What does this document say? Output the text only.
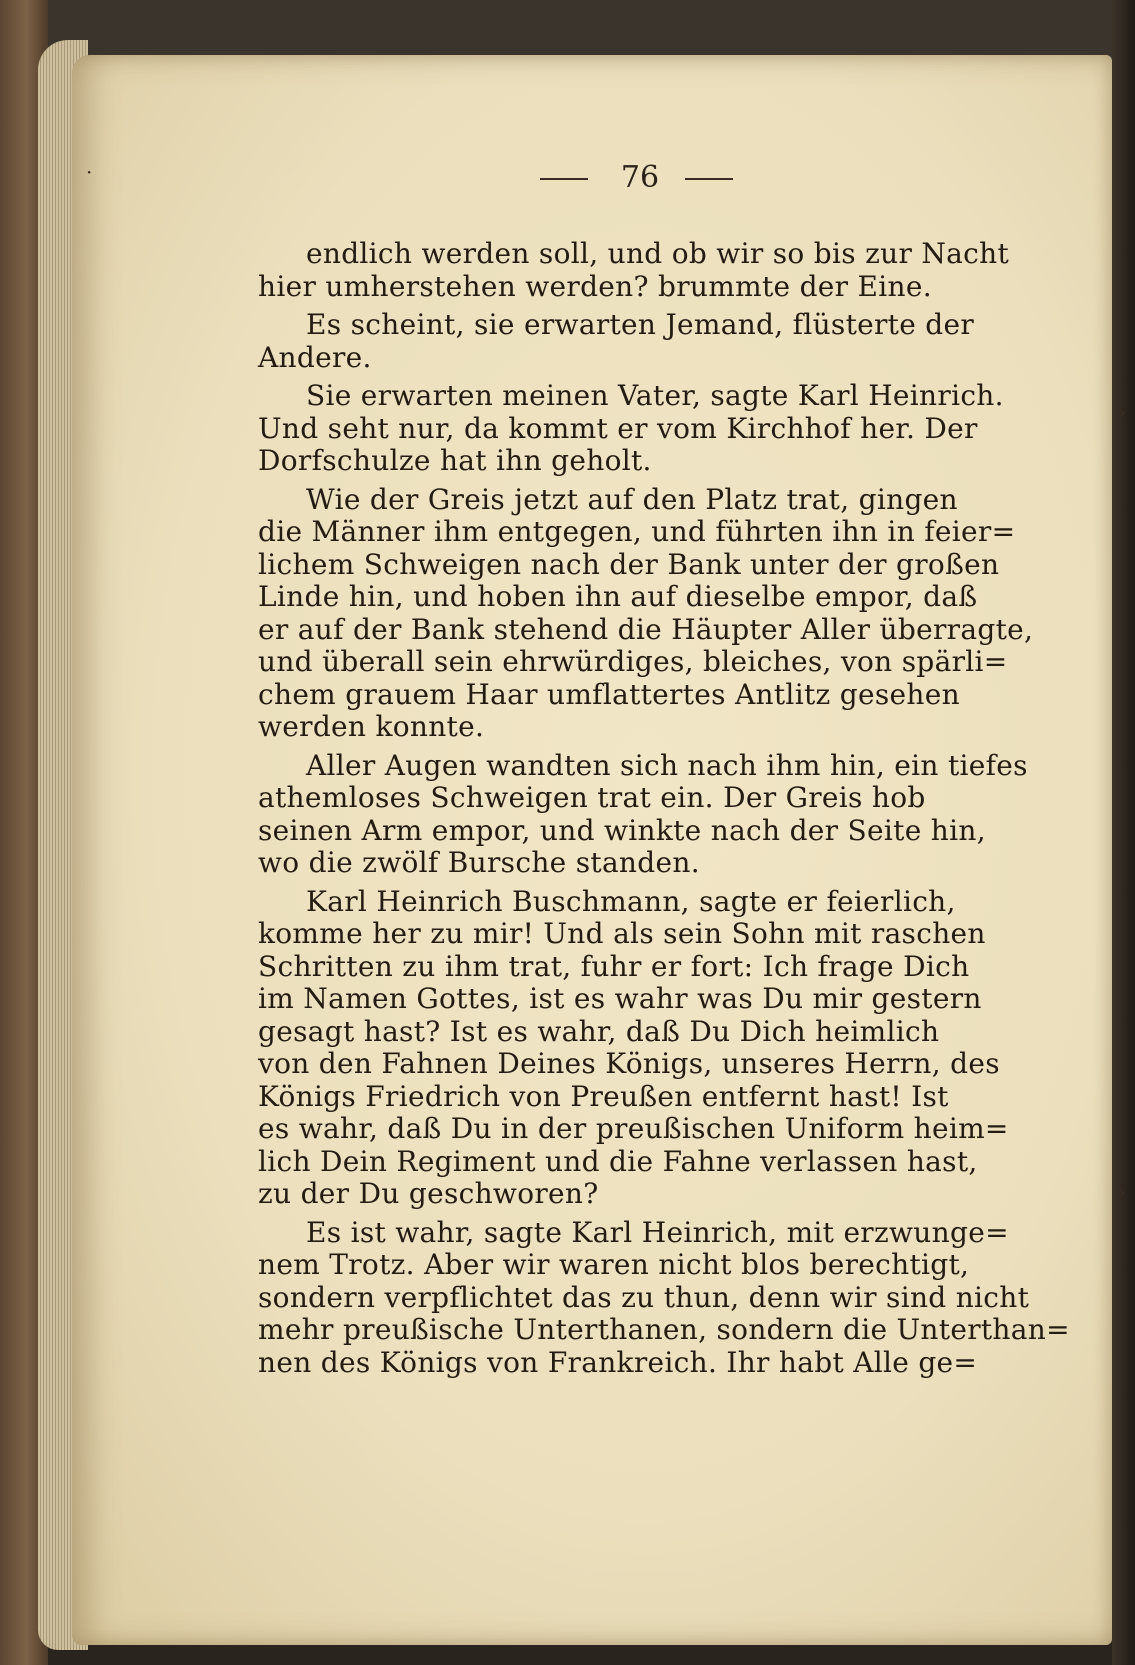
76
endlich werden soll, und ob wir so bis zur Nacht
hier umherstehen werden? brummte der Eine.
Es scheint, sie erwarten Jemand, flüsterte der
Andere.
Sie erwarten meinen Vater, sagte Karl Heinrich.
Und seht nur, da kommt er vom Kirchhof her. Der
Dorfschulze hat ihn geholt.
Wie der Greis jetzt auf den Platz trat, gingen
die Männer ihm entgegen, und führten ihn in feier=
lichem Schweigen nach der Bank unter der großen
Linde hin, und hoben ihn auf dieselbe empor, daß
er auf der Bank stehend die Häupter Aller überragte,
und überall sein ehrwürdiges, bleiches, von spärli=
chem grauem Haar umflattertes Antlitz gesehen
werden konnte.
Aller Augen wandten sich nach ihm hin, ein tiefes
athemloses Schweigen trat ein. Der Greis hob
seinen Arm empor, und winkte nach der Seite hin,
wo die zwölf Bursche standen.
Karl Heinrich Buschmann, sagte er feierlich,
komme her zu mir! Und als sein Sohn mit raschen
Schritten zu ihm trat, fuhr er fort: Ich frage Dich
im Namen Gottes, ist es wahr was Du mir gestern
gesagt hast? Ist es wahr, daß Du Dich heimlich
von den Fahnen Deines Königs, unseres Herrn, des
Königs Friedrich von Preußen entfernt hast! Ist
es wahr, daß Du in der preußischen Uniform heim=
lich Dein Regiment und die Fahne verlassen hast,
zu der Du geschworen?
Es ist wahr, sagte Karl Heinrich, mit erzwunge=
nem Trotz. Aber wir waren nicht blos berechtigt,
sondern verpflichtet das zu thun, denn wir sind nicht
mehr preußische Unterthanen, sondern die Unterthan=
nen des Königs von Frankreich. Ihr habt Alle ge=
·
›
›
